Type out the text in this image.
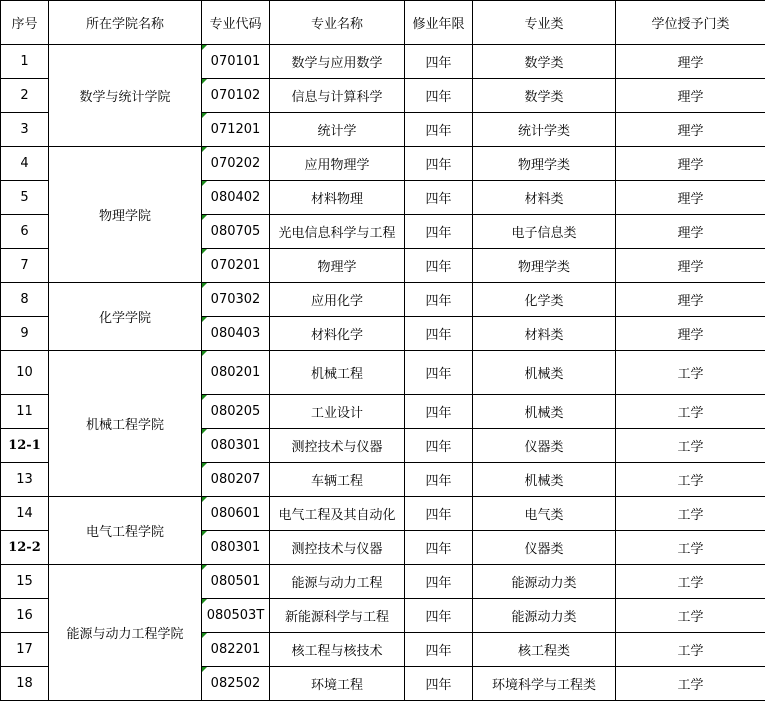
序号	所在学院名称	专业代码	专业名称	修业年限	专业类	学位授予门类
1	数学与统计学院	070101	数学与应用数学	四年	数学类	理学
2		070102	信息与计算科学	四年	数学类	理学
3		071201	统计学	四年	统计学类	理学
4	物理学院	070202	应用物理学	四年	物理学类	理学
5		080402	材料物理	四年	材料类	理学
6		080705	光电信息科学与工程	四年	电子信息类	理学
7		070201	物理学	四年	物理学类	理学
8	化学学院	070302	应用化学	四年	化学类	理学
9		080403	材料化学	四年	材料类	理学
10	机械工程学院	080201	机械工程	四年	机械类	工学
11		080205	工业设计	四年	机械类	工学
12-1		080301	测控技术与仪器	四年	仪器类	工学
13		080207	车辆工程	四年	机械类	工学
14	电气工程学院	080601	电气工程及其自动化	四年	电气类	工学
12-2		080301	测控技术与仪器	四年	仪器类	工学
15	能源与动力工程学院	080501	能源与动力工程	四年	能源动力类	工学
16		080503T	新能源科学与工程	四年	能源动力类	工学
17		082201	核工程与核技术	四年	核工程类	工学
18		082502	环境工程	四年	环境科学与工程类	工学
